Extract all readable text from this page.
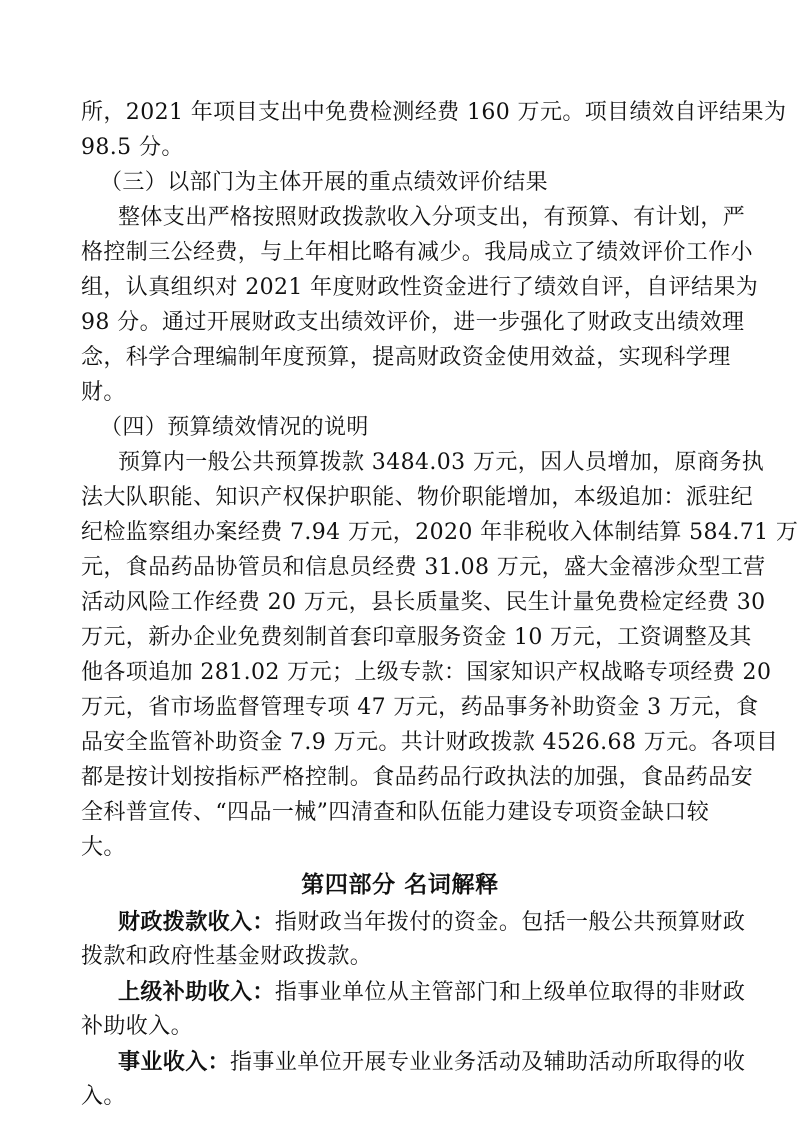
所，2021 年项目支出中免费检测经费 160 万元。项目绩效自评结果为
98.5 分。
（三）以部门为主体开展的重点绩效评价结果
整体支出严格按照财政拨款收入分项支出，有预算、有计划，严
格控制三公经费，与上年相比略有减少。我局成立了绩效评价工作小
组，认真组织对 2021 年度财政性资金进行了绩效自评，自评结果为
98 分。通过开展财政支出绩效评价，进一步强化了财政支出绩效理
念，科学合理编制年度预算，提高财政资金使用效益，实现科学理
财。
（四）预算绩效情况的说明
预算内一般公共预算拨款 3484.03 万元，因人员增加，原商务执
法大队职能、知识产权保护职能、物价职能增加，本级追加：派驻纪
纪检监察组办案经费 7.94 万元，2020 年非税收入体制结算 584.71 万
元，食品药品协管员和信息员经费 31.08 万元，盛大金禧涉众型工营
活动风险工作经费 20 万元，县长质量奖、民生计量免费检定经费 30
万元，新办企业免费刻制首套印章服务资金 10 万元，工资调整及其
他各项追加 281.02 万元；上级专款：国家知识产权战略专项经费 20
万元，省市场监督管理专项 47 万元，药品事务补助资金 3 万元，食
品安全监管补助资金 7.9 万元。共计财政拨款 4526.68 万元。各项目
都是按计划按指标严格控制。食品药品行政执法的加强，食品药品安
全科普宣传、“四品一械”四清查和队伍能力建设专项资金缺口较
大。
第四部分 名词解释
财政拨款收入：指财政当年拨付的资金。包括一般公共预算财政
拨款和政府性基金财政拨款。
上级补助收入：指事业单位从主管部门和上级单位取得的非财政
补助收入。
事业收入：指事业单位开展专业业务活动及辅助活动所取得的收
入。
